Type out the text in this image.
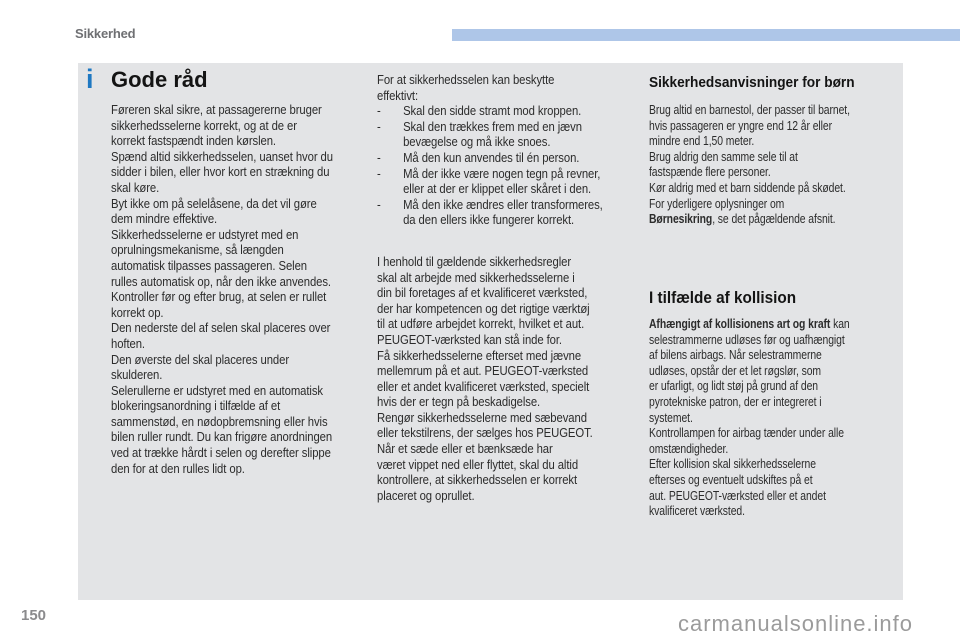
Sikkerhed
i Gode råd
Føreren skal sikre, at passagererne bruger
sikkerhedsselerne korrekt, og at de er
korrekt fastspændt inden kørslen.
Spænd altid sikkerhedsselen, uanset hvor du
sidder i bilen, eller hvor kort en strækning du
skal køre.
Byt ikke om på selelåsene, da det vil gøre
dem mindre effektive.
Sikkerhedsselerne er udstyret med en
oprulningsmekanisme, så længden
automatisk tilpasses passageren. Selen
rulles automatisk op, når den ikke anvendes.
Kontroller før og efter brug, at selen er rullet
korrekt op.
Den nederste del af selen skal placeres over
hoften.
Den øverste del skal placeres under
skulderen.
Selerullerne er udstyret med en automatisk
blokeringsanordning i tilfælde af et
sammenstød, en nødopbremsning eller hvis
bilen ruller rundt. Du kan frigøre anordningen
ved at trække hårdt i selen og derefter slippe
den for at den rulles lidt op.
For at sikkerhedsselen kan beskytte
effektivt:
-	Skal den sidde stramt mod kroppen.
-	Skal den trækkes frem med en jævn
bevægelse og må ikke snoes.
-	Må den kun anvendes til én person.
-	Må der ikke være nogen tegn på revner,
eller at der er klippet eller skåret i den.
-	Må den ikke ændres eller transformeres,
da den ellers ikke fungerer korrekt.
I henhold til gældende sikkerhedsregler
skal alt arbejde med sikkerhedsselerne i
din bil foretages af et kvalificeret værksted,
der har kompetencen og det rigtige værktøj
til at udføre arbejdet korrekt, hvilket et aut.
PEUGEOT-værksted kan stå inde for.
Få sikkerhedsselerne efterset med jævne
mellemrum på et aut. PEUGEOT-værksted
eller et andet kvalificeret værksted, specielt
hvis der er tegn på beskadigelse.
Rengør sikkerhedsselerne med sæbevand
eller tekstilrens, der sælges hos PEUGEOT.
Når et sæde eller et bænksæde har
været vippet ned eller flyttet, skal du altid
kontrollere, at sikkerhedsselen er korrekt
placeret og oprullet.
Sikkerhedsanvisninger for børn
Brug altid en barnestol, der passer til barnet,
hvis passageren er yngre end 12 år eller
mindre end 1,50 meter.
Brug aldrig den samme sele til at
fastspænde flere personer.
Kør aldrig med et barn siddende på skødet.
For yderligere oplysninger om
Børnesikring, se det pågældende afsnit.
I tilfælde af kollision
Afhængigt af kollisionens art og kraft kan
selestrammerne udløses før og uafhængigt
af bilens airbags. Når selestrammerne
udløses, opstår der et let røgslør, som
er ufarligt, og lidt støj på grund af den
pyrotekniske patron, der er integreret i
systemet.
Kontrollampen for airbag tænder under alle
omstændigheder.
Efter kollision skal sikkerhedsselerne
efterses og eventuelt udskiftes på et
aut. PEUGEOT-værksted eller et andet
kvalificeret værksted.
150	carmanualsonline.info
